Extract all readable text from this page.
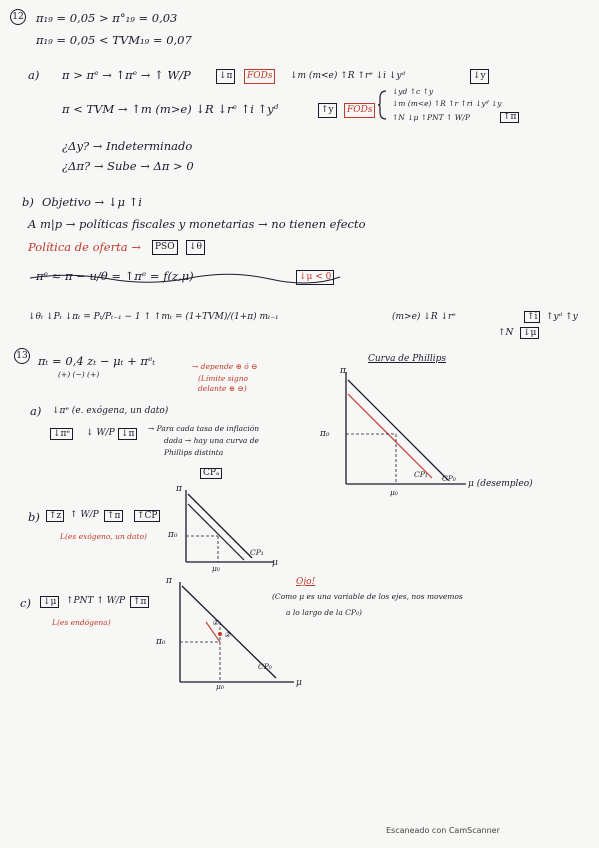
12 π₁₉ = 0,05 > π°₁₉ = 0,03
π₁₉ = 0,05 < TVM₁₉ = 0,07
a) π > πᵉ → ↑πᵉ → ↑ W/P	↓π	FODs	↓m (m<e) ↑R ↑rᵉ ↓i ↓yᵈ	↓y
π < TVM → ↑m (m>e) ↓R ↓rᵉ ↑i ↑yᵈ	↑y	FODs
↓yd ↑c ↑y
↓m (m<e) ↑R ↑r ↑ri ↓yᵈ ↓y
↑N ↓μ ↑PNT ↑ W/P	↑π
¿Δy? → Indeterminado
¿Δπ? → Sube → Δπ > 0
b) Objetivo → ↓μ ↑i
A m|p → políticas fiscales y monetarias → no tienen efecto
Política de oferta →	PSO	↓θ
πᵉ ≈ π − u/θ = ↑πᵉ = f(z,μ)	↓μ < 0
↓θₜ ↓Pₜ ↓πₜ = Pₜ/Pₜ₋₁ − 1 ↑ ↑mₜ = (1+TVM)/(1+π) mₜ₋₁	(m>e) ↓R ↓rᵉ	↑i ↑yᵈ ↑y
↑N	↓μ
13 πₜ = 0,4 zₜ − μₜ + πᵉₜ
(+) (−) (+)
→ depende ⊕ ó ⊖
(Límite signo
delante ⊕ ⊖)
Curva de Phillips
π
π₀
μ₀
CP₁ CP₀
μ (desempleo)
a) ↓πᵉ (e. exógena, un dato)
↓πᵉ	↓ W/P ↓π
→ Para cada tasa de inflación
dada → hay una curva de
Phillips distinta
CPₐ
b)	↑z ↑ W/P ↑π	↑CP
L(es exógeno, un dato)
π
π₀
μ₀
CP₁
μ
c)	↓μ	↑PNT ↑ W/P ↑π
L(es endógena)
Ojo!
(Como μ es una variable de los ejes, nos movemos
a lo largo de la CP₀)
π
π₀
μ₀
①
②
CP₀
μ
Escaneado con CamScanner
